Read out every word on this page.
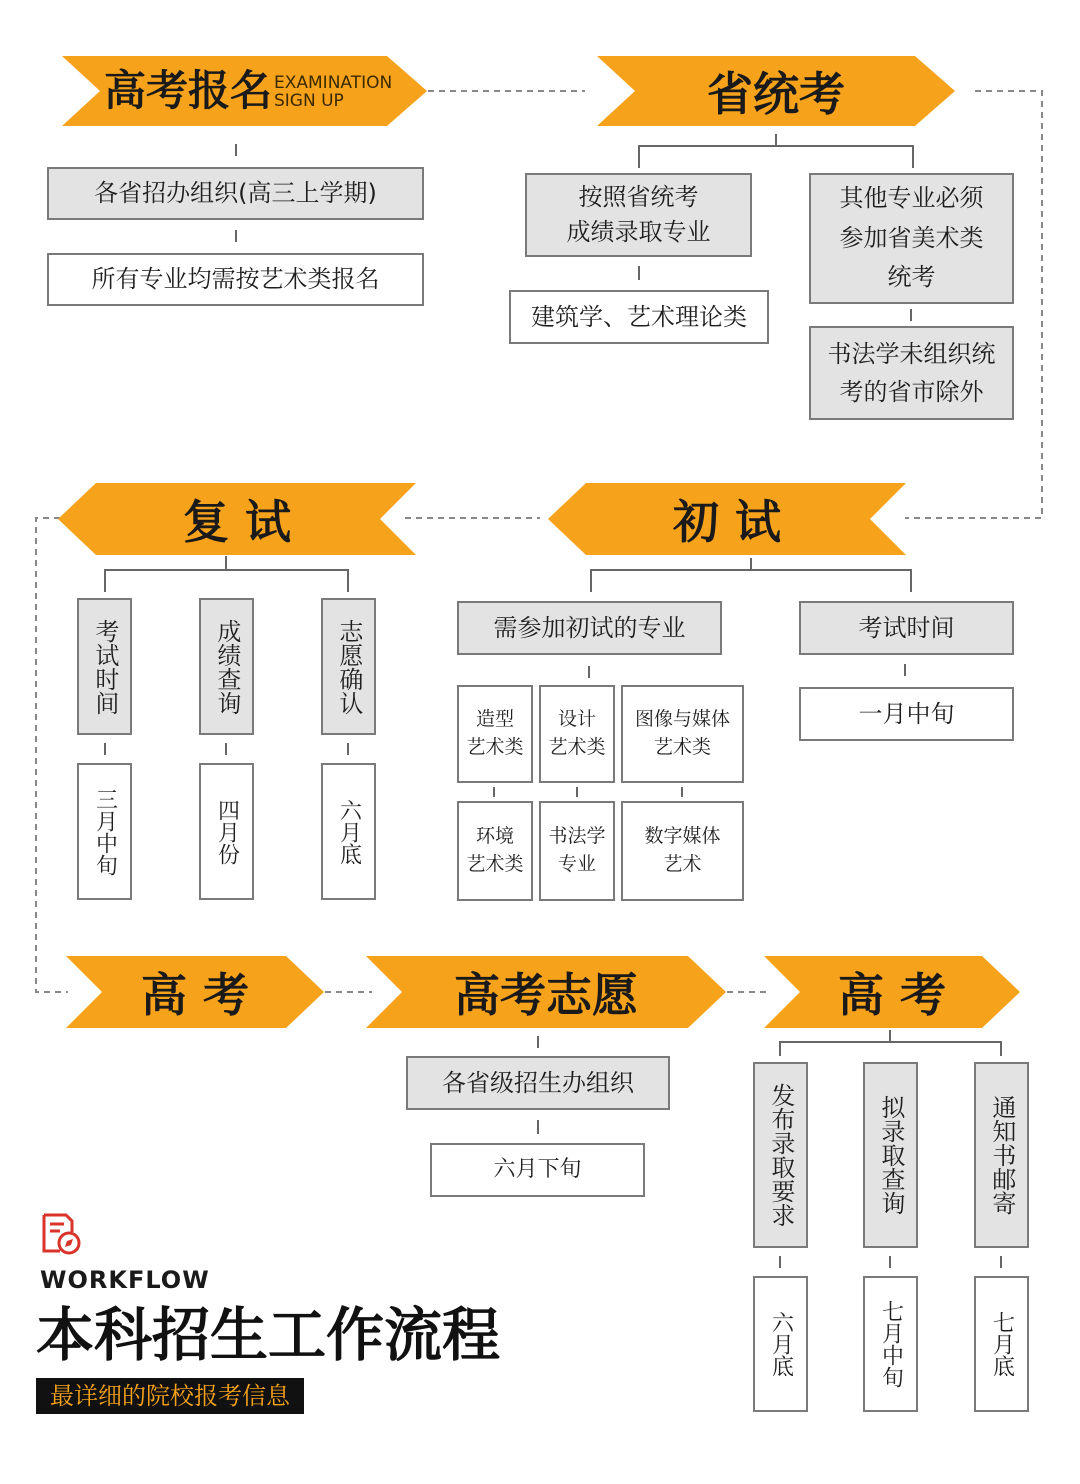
高考报名 EXAMINATION
SIGN UP
各省招办组织(高三上学期)
所有专业均需按艺术类报名
省统考
按照省统考
成绩录取专业
建筑学、艺术理论类
其他专业必须
参加省美术类
统考
书法学未组织统
考的省市除外
初 试
需参加初试的专业
造型
艺术类
设计
艺术类
图像与媒体
艺术类
环境
艺术类
书法学
专业
数字媒体
艺术
考试时间
一月中旬
复 试
考试时间	成绩查询	志愿确认
三月中旬	四月份	六月底
高 考	高考志愿
各省级招生办组织
六月下旬
高 考
发布录取要求	拟录取查询	通知书邮寄
六月底	七月中旬	七月底
WORKFLOW
本科招生工作流程
最详细的院校报考信息
